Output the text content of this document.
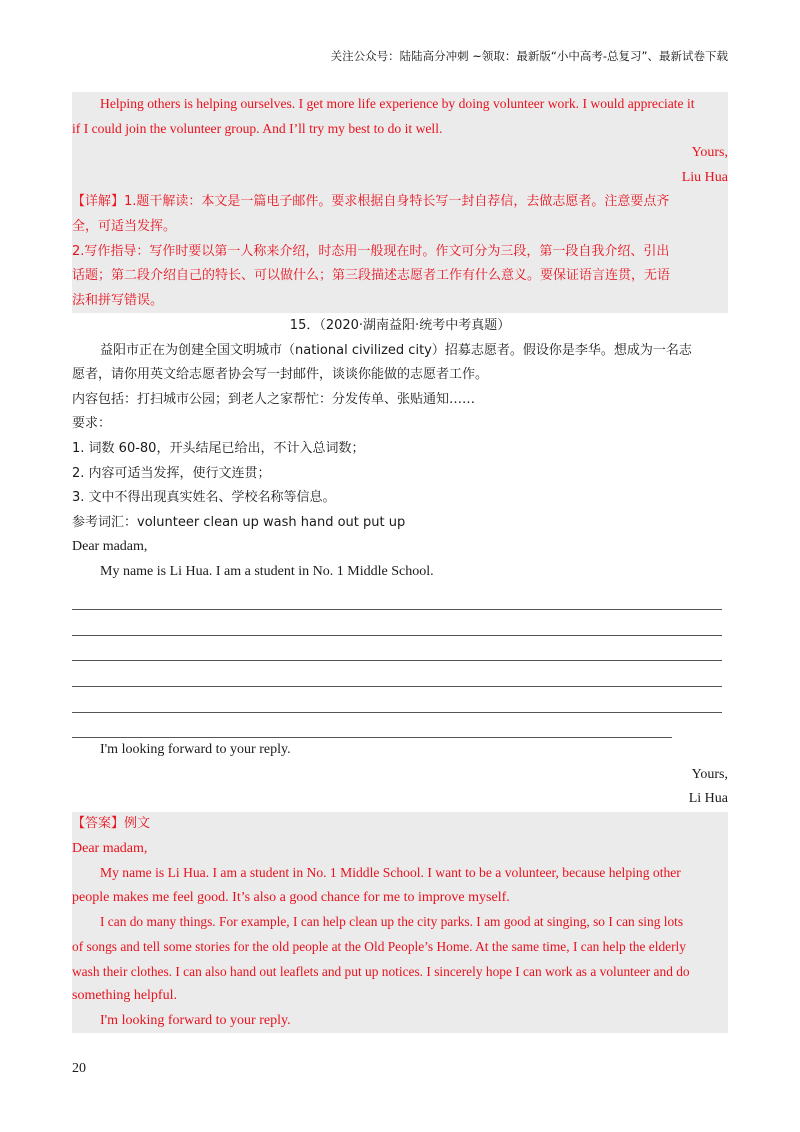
关注公众号：陆陆高分冲刺 ~领取：最新版“小中高考-总复习”、最新试卷下载
Helping others is helping ourselves. I get more life experience by doing volunteer work. I would appreciate it
if I could join the volunteer group. And I’ll try my best to do it well.
Yours,
Liu Hua
【详解】1.题干解读：本文是一篇电子邮件。要求根据自身特长写一封自荐信，去做志愿者。注意要点齐
全，可适当发挥。
2.写作指导：写作时要以第一人称来介绍，时态用一般现在时。作文可分为三段，第一段自我介绍、引出
话题；第二段介绍自己的特长、可以做什么；第三段描述志愿者工作有什么意义。要保证语言连贯，无语
法和拼写错误。
15．（2020·湖南益阳·统考中考真题）
益阳市正在为创建全国文明城市（national civilized city）招募志愿者。假设你是李华。想成为一名志
愿者，请你用英文给志愿者协会写一封邮件，谈谈你能做的志愿者工作。
内容包括：打扫城市公园；到老人之家帮忙：分发传单、张贴通知……
要求：
1. 词数 60-80，开头结尾已给出，不计入总词数；
2. 内容可适当发挥，使行文连贯；
3. 文中不得出现真实姓名、学校名称等信息。
参考词汇：volunteer clean up wash hand out put up
Dear madam,
My name is Li Hua. I am a student in No. 1 Middle School.
I'm looking forward to your reply.
Yours,
Li Hua
【答案】例文
Dear madam,
My name is Li Hua. I am a student in No. 1 Middle School. I want to be a volunteer, because helping other
people makes me feel good. It’s also a good chance for me to improve myself.
I can do many things. For example, I can help clean up the city parks. I am good at singing, so I can sing lots
of songs and tell some stories for the old people at the Old People’s Home. At the same time, I can help the elderly
wash their clothes. I can also hand out leaflets and put up notices. I sincerely hope I can work as a volunteer and do
something helpful.
I'm looking forward to your reply.
20
